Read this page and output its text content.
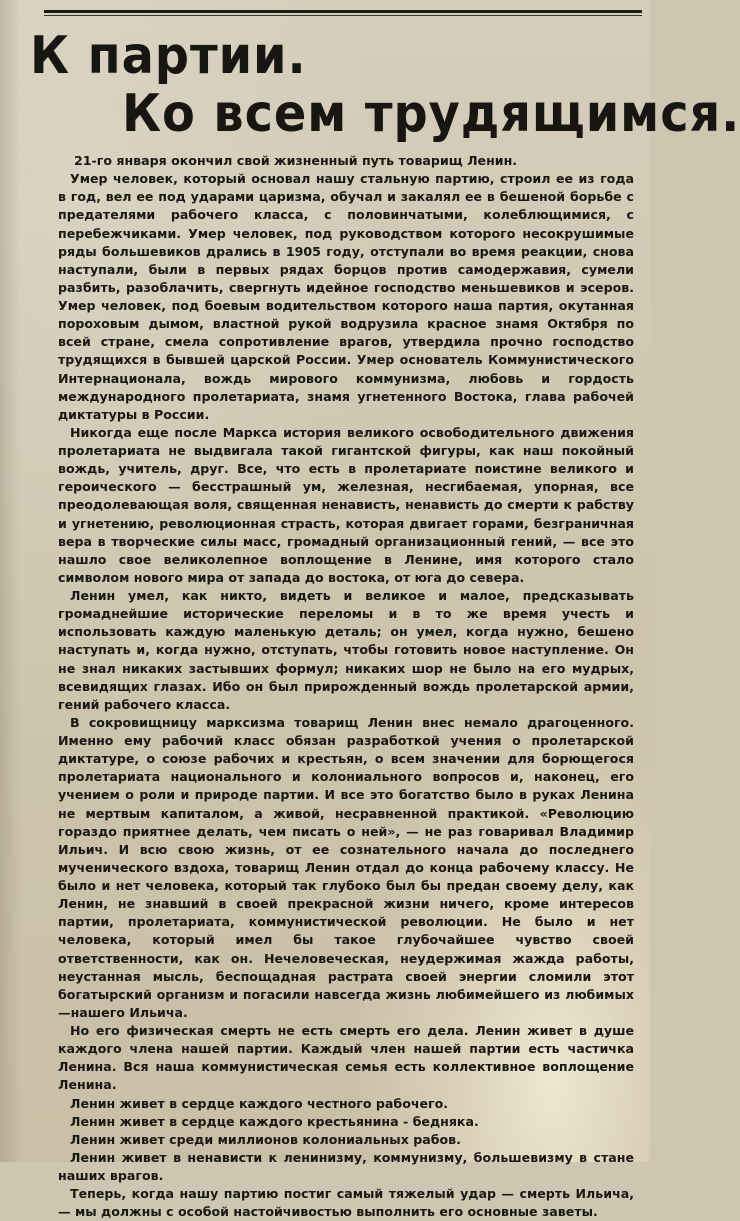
К партии.
Ко всем трудящимся.

21-го января окончил свой жизненный путь товарищ Ленин.

Умер человек, который основал нашу стальную партию, строил ее из года в год, вел ее под ударами царизма, обучал и закалял ее в бешеной борьбе с предателями рабочего класса, с половинчатыми, колеблющимися, с перебежчиками. Умер человек, под руководством которого несокрушимые ряды большевиков дрались в 1905 году, отступали во время реакции, снова наступали, были в первых рядах борцов против самодержавия, сумели разбить, разоблачить, свергнуть идейное господство меньшевиков и эсеров. Умер человек, под боевым водительством которого наша партия, окутанная пороховым дымом, властной рукой водрузила красное знамя Октября по всей стране, смела сопротивление врагов, утвердила прочно господство трудящихся в бывшей царской России. Умер основатель Коммунистического Интернационала, вождь мирового коммунизма, любовь и гордость международного пролетариата, знамя угнетенного Востока, глава рабочей диктатуры в России.

Никогда еще после Маркса история великого освободительного движения пролетариата не выдвигала такой гигантской фигуры, как наш покойный вождь, учитель, друг. Все, что есть в пролетариате поистине великого и героического — бесстрашный ум, железная, несгибаемая, упорная, все преодолевающая воля, священная ненависть, ненависть до смерти к рабству и угнетению, революционная страсть, которая двигает горами, безграничная вера в творческие силы масс, громадный организационный гений, — все это нашло свое великолепное воплощение в Ленине, имя которого стало символом нового мира от запада до востока, от юга до севера.

Ленин умел, как никто, видеть и великое и малое, предсказывать громаднейшие исторические переломы и в то же время учесть и использовать каждую маленькую деталь; он умел, когда нужно, бешено наступать и, когда нужно, отступать, чтобы готовить новое наступление. Он не знал никаких застывших формул; никаких шор не было на его мудрых, всевидящих глазах. Ибо он был прирожденный вождь пролетарской армии, гений рабочего класса.

В сокровищницу марксизма товарищ Ленин внес немало драгоценного. Именно ему рабочий класс обязан разработкой учения о пролетарской диктатуре, о союзе рабочих и крестьян, о всем значении для борющегося пролетариата национального и колониального вопросов и, наконец, его учением о роли и природе партии. И все это богатство было в руках Ленина не мертвым капиталом, а живой, несравненной практикой. «Революцию гораздо приятнее делать, чем писать о ней», — не раз говаривал Владимир Ильич. И всю свою жизнь, от ее сознательного начала до последнего мученического вздоха, товарищ Ленин отдал до конца рабочему классу. Не было и нет человека, который так глубоко был бы предан своему делу, как Ленин, не знавший в своей прекрасной жизни ничего, кроме интересов партии, пролетариата, коммунистической революции. Не было и нет человека, который имел бы такое глубочайшее чувство своей ответственности, как он. Нечеловеческая, неудержимая жажда работы, неустанная мысль, беспощадная растрата своей энергии сломили этот богатырский организм и погасили навсегда жизнь любимейшего из любимых—нашего Ильича.

Но его физическая смерть не есть смерть его дела. Ленин живет в душе каждого члена нашей партии. Каждый член нашей партии есть частичка Ленина. Вся наша коммунистическая семья есть коллективное воплощение Ленина.

Ленин живет в сердце каждого честного рабочего.

Ленин живет в сердце каждого крестьянина - бедняка.

Ленин живет среди миллионов колониальных рабов.

Ленин живет в ненависти к ленинизму, коммунизму, большевизму в стане наших врагов.

Теперь, когда нашу партию постиг самый тяжелый удар — смерть Ильича,— мы должны с особой настойчивостью выполнить его основные заветы.
